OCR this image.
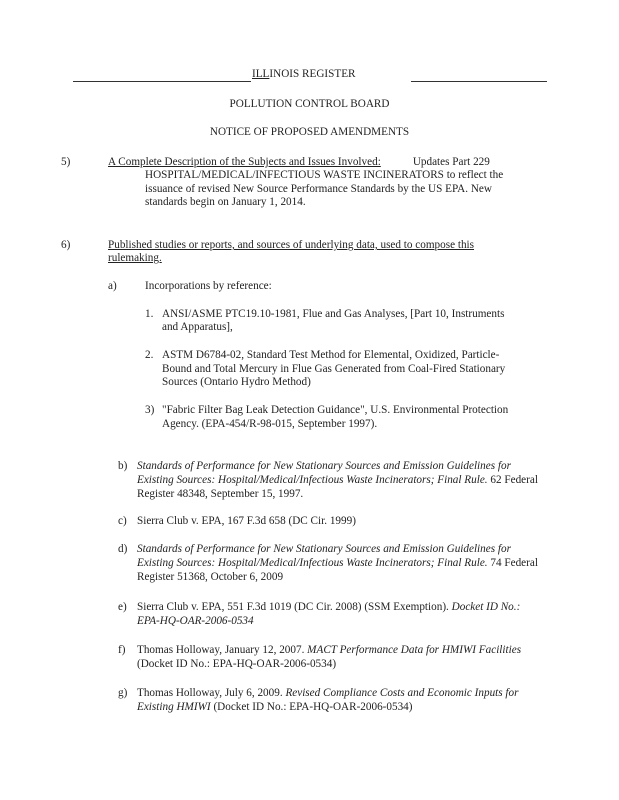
ILLINOIS REGISTER
POLLUTION CONTROL BOARD
NOTICE OF PROPOSED AMENDMENTS
5)	A Complete Description of the Subjects and Issues Involved:	Updates Part 229
HOSPITAL/MEDICAL/INFECTIOUS WASTE INCINERATORS to reflect the
issuance of revised New Source Performance Standards by the US EPA. New
standards begin on January 1, 2014.
6)	Published studies or reports, and sources of underlying data, used to compose this
rulemaking.
a)	Incorporations by reference:
1. ANSI/ASME PTC19.10-1981, Flue and Gas Analyses, [Part 10, Instruments
and Apparatus],
2. ASTM D6784-02, Standard Test Method for Elemental, Oxidized, Particle-
Bound and Total Mercury in Flue Gas Generated from Coal-Fired Stationary
Sources (Ontario Hydro Method)
3) "Fabric Filter Bag Leak Detection Guidance", U.S. Environmental Protection
Agency. (EPA-454/R-98-015, September 1997).
b) Standards of Performance for New Stationary Sources and Emission Guidelines for
Existing Sources: Hospital/Medical/Infectious Waste Incinerators; Final Rule. 62 Federal
Register 48348, September 15, 1997.
c) Sierra Club v. EPA, 167 F.3d 658 (DC Cir. 1999)
d) Standards of Performance for New Stationary Sources and Emission Guidelines for
Existing Sources: Hospital/Medical/Infectious Waste Incinerators; Final Rule. 74 Federal
Register 51368, October 6, 2009
e) Sierra Club v. EPA, 551 F.3d 1019 (DC Cir. 2008) (SSM Exemption). Docket ID No.:
EPA-HQ-OAR-2006-0534
f) Thomas Holloway, January 12, 2007. MACT Performance Data for HMIWI Facilities
(Docket ID No.: EPA-HQ-OAR-2006-0534)
g) Thomas Holloway, July 6, 2009. Revised Compliance Costs and Economic Inputs for
Existing HMIWI (Docket ID No.: EPA-HQ-OAR-2006-0534)
